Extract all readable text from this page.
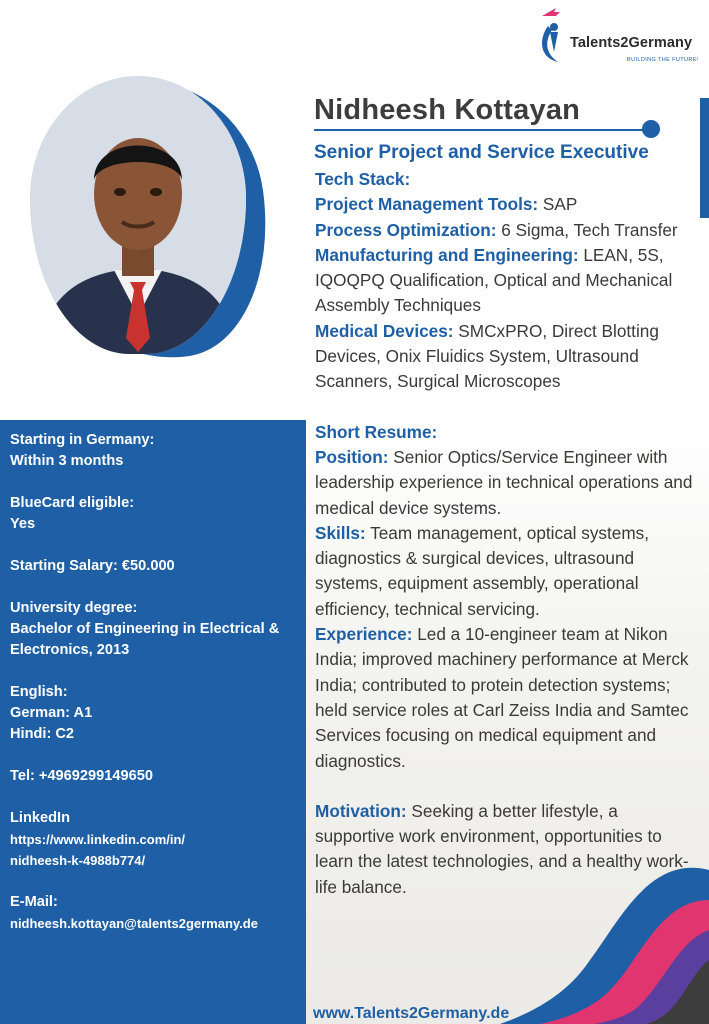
Talents2Germany
BUILDING THE FUTURE!
Nidheesh Kottayan
Senior Project and Service Executive

Tech Stack:

Project Management Tools: SAP

Process Optimization: 6 Sigma, Tech Transfer

Manufacturing and Engineering: LEAN, 5S, IQOQPQ Qualification, Optical and Mechanical Assembly Techniques

Medical Devices: SMCxPRO, Direct Blotting Devices, Onix Fluidics System, Ultrasound Scanners, Surgical Microscopes

Short Resume:

Position: Senior Optics/Service Engineer with leadership experience in technical operations and medical device systems.

Skills: Team management, optical systems, diagnostics & surgical devices, ultrasound systems, equipment assembly, operational efficiency, technical servicing.

Experience: Led a 10-engineer team at Nikon India; improved machinery performance at Merck India; contributed to protein detection systems; held service roles at Carl Zeiss India and Samtec Services focusing on medical equipment and diagnostics.

Motivation: Seeking a better lifestyle, a supportive work environment, opportunities to learn the latest technologies, and a healthy work-life balance.

Starting in Germany:
Within 3 months
BlueCard eligible:
Yes
Starting Salary: €50.000
University degree:
Bachelor of Engineering in Electrical & Electronics, 2013
English:
German: A1
Hindi: C2
Tel: +4969299149650
LinkedIn
https://www.linkedin.com/in/ nidheesh-k-4988b774/
E-Mail:
nidheesh.kottayan@talents2germany.de
www.Talents2Germany.de
